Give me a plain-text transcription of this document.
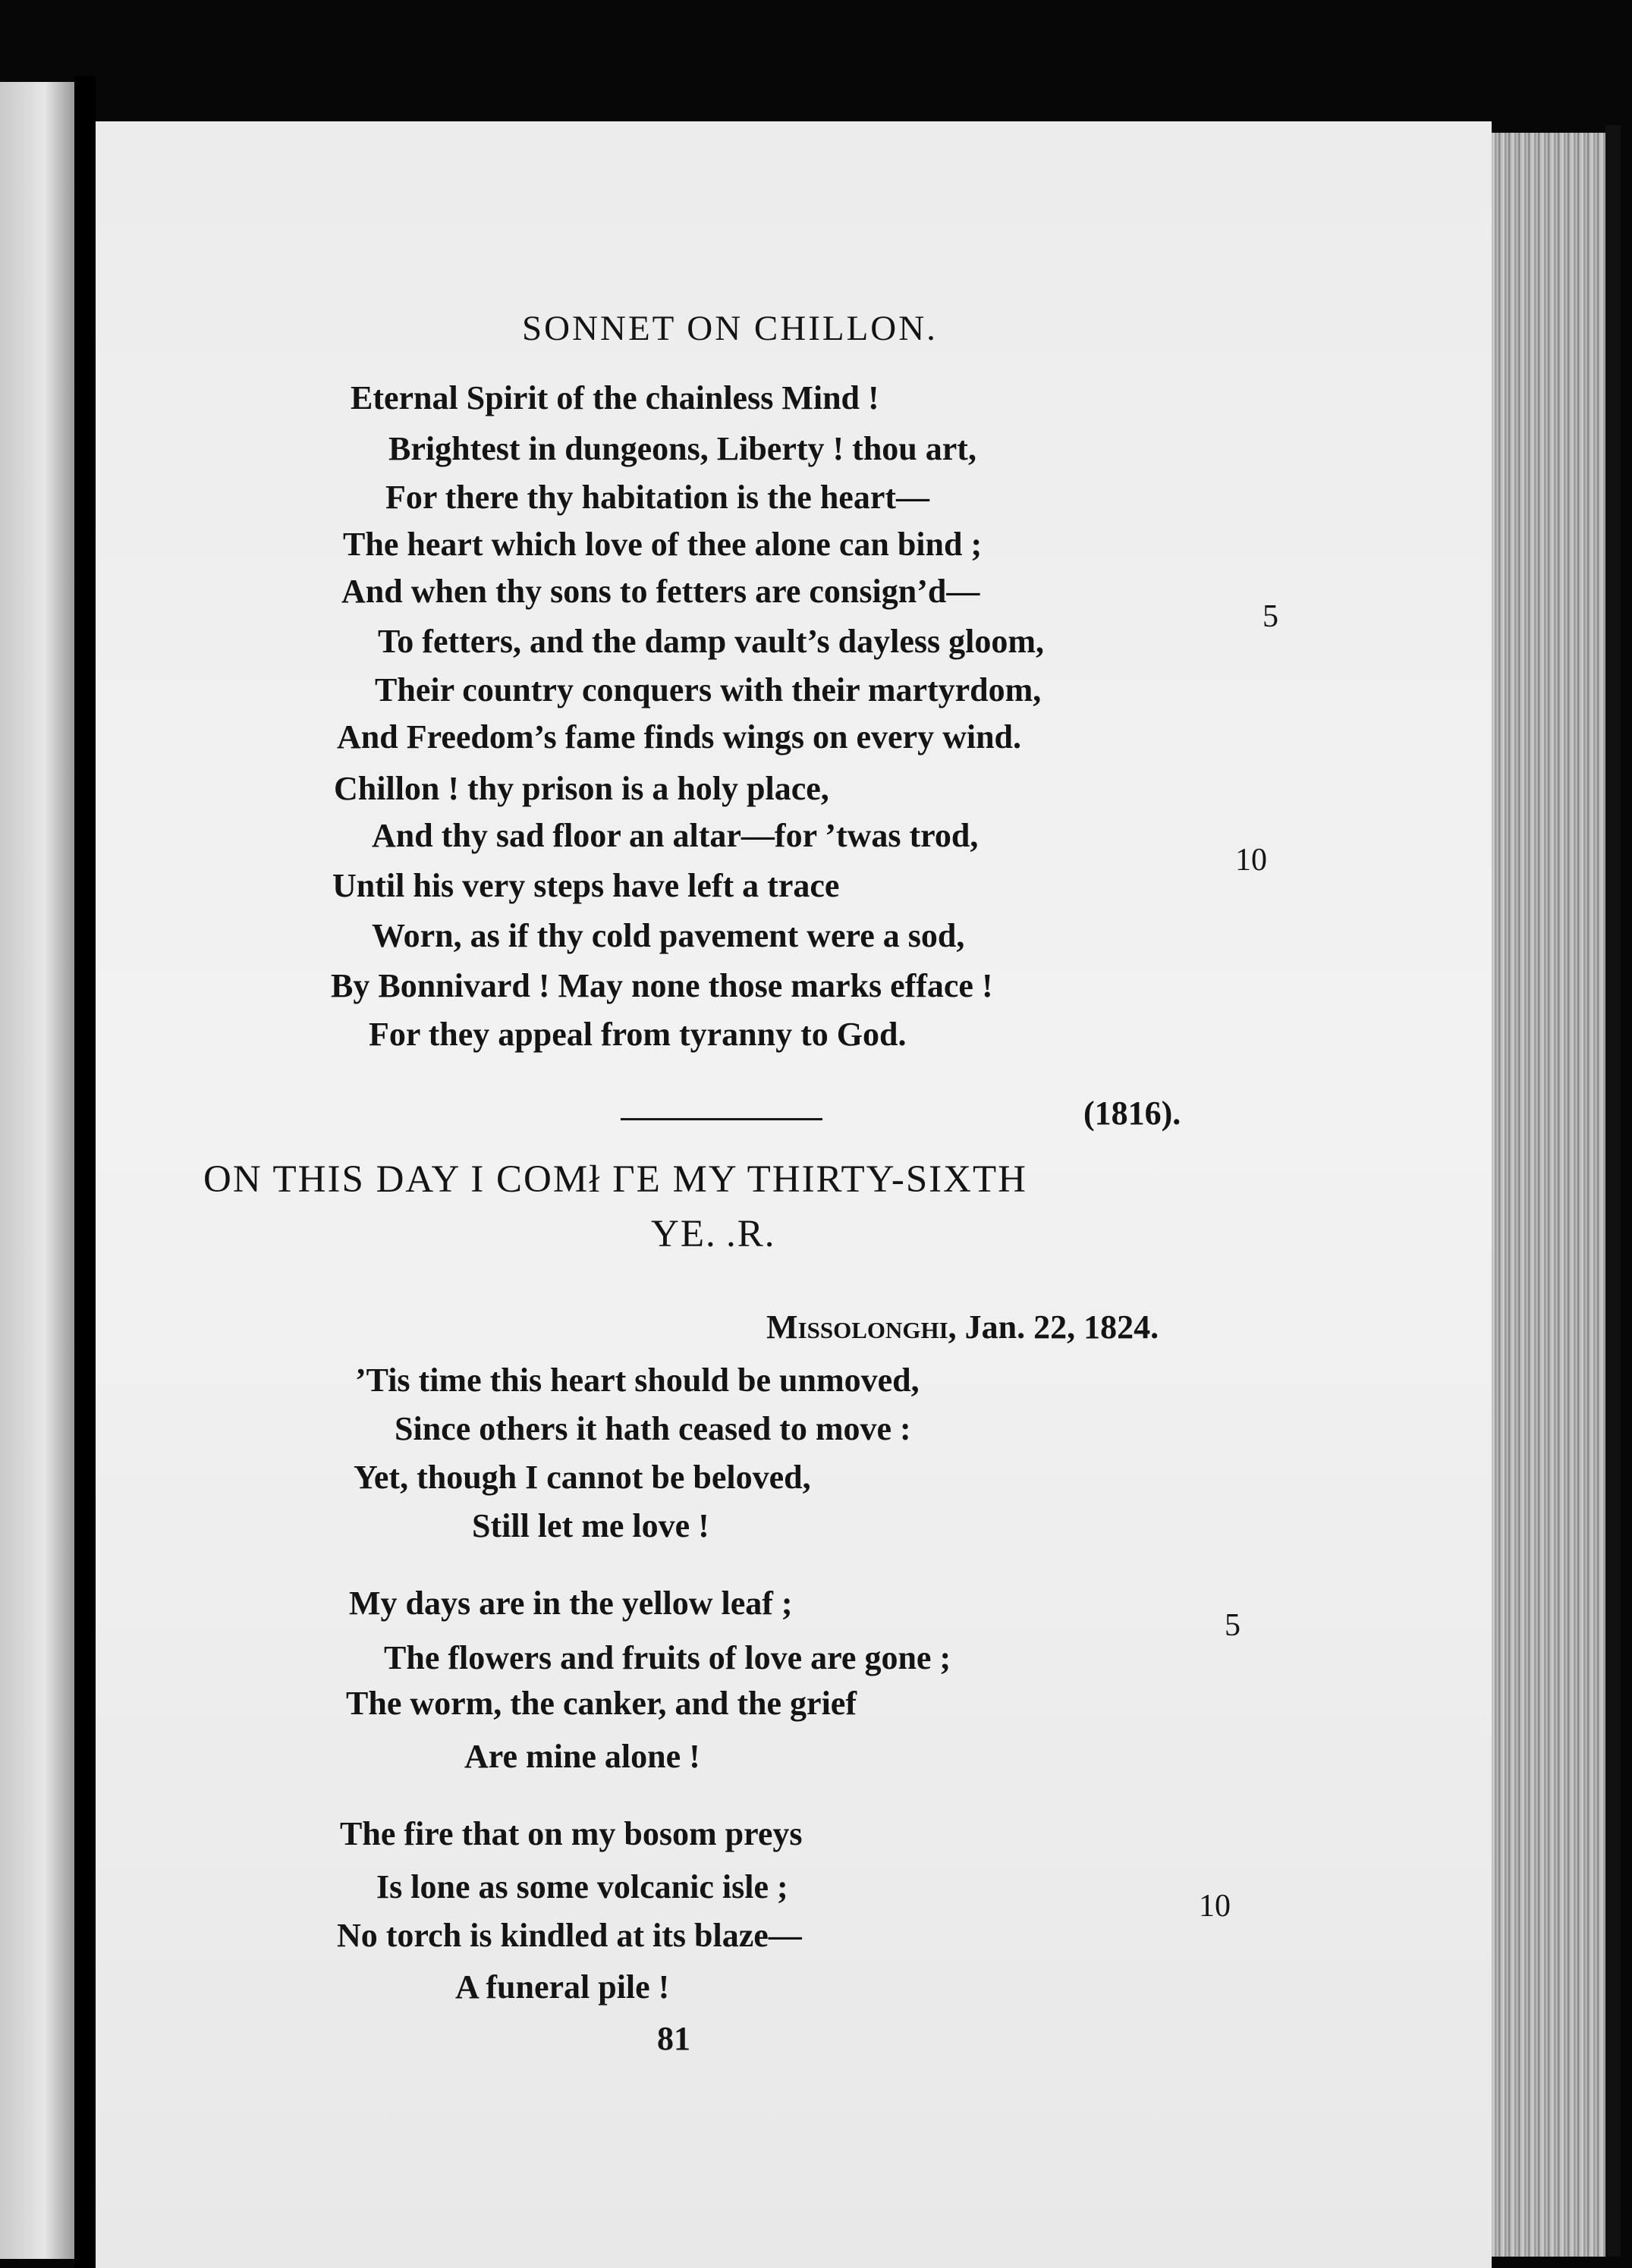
SONNET ON CHILLON.
Eternal Spirit of the chainless Mind !
Brightest in dungeons, Liberty ! thou art,
For there thy habitation is the heart—
The heart which love of thee alone can bind ;
And when thy sons to fetters are consign’d—
5
To fetters, and the damp vault’s dayless gloom,
Their country conquers with their martyrdom,
And Freedom’s fame finds wings on every wind.
Chillon ! thy prison is a holy place,
And thy sad floor an altar—for ’twas trod,
10
Until his very steps have left a trace
Worn, as if thy cold pavement were a sod,
By Bonnivard ! May none those marks efface !
For they appeal from tyranny to God.
(1816).
ON THIS DAY I COMł ΓE MY THIRTY-SIXTH
YE. .R.
Missolonghi, Jan. 22, 1824.
’Tis time this heart should be unmoved,
Since others it hath ceased to move :
Yet, though I cannot be beloved,
Still let me love !
My days are in the yellow leaf ;
5
The flowers and fruits of love are gone ;
The worm, the canker, and the grief
Are mine alone !
The fire that on my bosom preys
Is lone as some volcanic isle ;
10
No torch is kindled at its blaze—
A funeral pile !
81
